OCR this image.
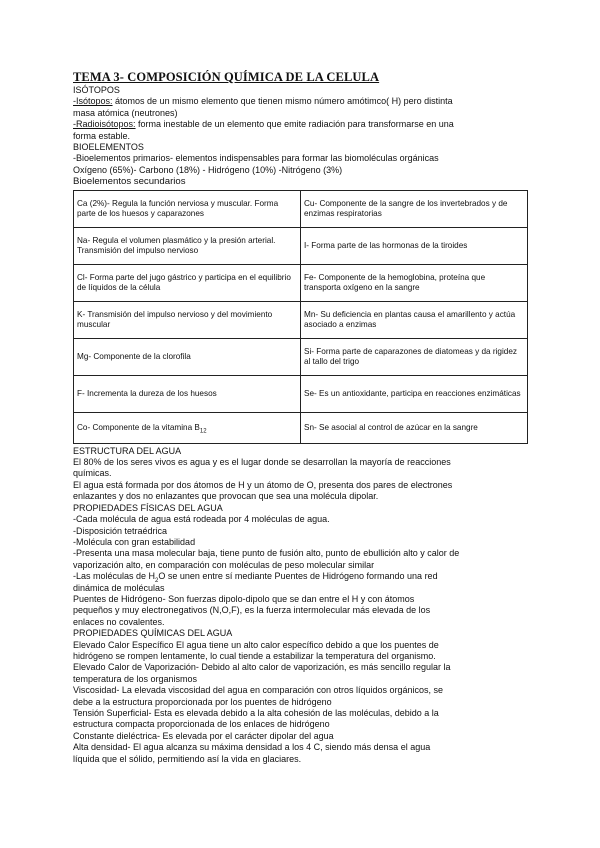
TEMA 3- COMPOSICIÓN QUÍMICA DE LA CELULA

ISÓTOPOS

-Isótopos: átomos de un mismo elemento que tienen mismo número amótimco( H) pero distinta

masa atómica (neutrones)

-Radioisótopos: forma inestable de un elemento que emite radiación para transformarse en una

forma estable.

BIOELEMENTOS

-Bioelementos primarios- elementos indispensables para formar las biomoléculas orgánicas

Oxígeno (65%)- Carbono (18%) - Hidrógeno (10%) -Nitrógeno (3%)

Bioelementos secundarios

Ca (2%)- Regula la función nerviosa y muscular. Forma parte de los huesos y caparazones	Cu- Componente de la sangre de los invertebrados y de enzimas respiratorias
Na- Regula el volumen plasmático y la presión arterial. Transmisión del impulso nervioso	I- Forma parte de las hormonas de la tiroides
Cl- Forma parte del jugo gástrico y participa en el equilibrio de líquidos de la célula	Fe- Componente de la hemoglobina, proteína que transporta oxígeno en la sangre
K- Transmisión del impulso nervioso y del movimiento muscular	Mn- Su deficiencia en plantas causa el amarillento y actúa asociado a enzimas
Mg- Componente de la clorofila	Si- Forma parte de caparazones de diatomeas y da rigidez al tallo del trigo
F- Incrementa la dureza de los huesos	Se- Es un antioxidante, participa en reacciones enzimáticas
Co- Componente de la vitamina $B_{12}$	Sn- Se asocial al control de azúcar en la sangre

ESTRUCTURA DEL AGUA

El 80% de los seres vivos es agua y es el lugar donde se desarrollan la mayoría de reacciones

químicas.

El agua está formada por dos átomos de H y un átomo de O, presenta dos pares de electrones

enlazantes y dos no enlazantes que provocan que sea una molécula dipolar.

PROPIEDADES FÍSICAS DEL AGUA

-Cada molécula de agua está rodeada por 4 moléculas de agua.

-Disposición tetraédrica

-Molécula con gran estabilidad

-Presenta una masa molecular baja, tiene punto de fusión alto, punto de ebullición alto y calor de

vaporización alto, en comparación con moléculas de peso molecular similar

-Las moléculas de $H_2O$ se unen entre sí mediante Puentes de Hidrógeno formando una red

dinámica de moléculas

Puentes de Hidrógeno- Son fuerzas dipolo-dipolo que se dan entre el H y con átomos

pequeños y muy electronegativos (N,O,F), es la fuerza intermolecular más elevada de los

enlaces no covalentes.

PROPIEDADES QUÍMICAS DEL AGUA

Elevado Calor Específico El agua tiene un alto calor específico debido a que los puentes de

hidrógeno se rompen lentamente, lo cual tiende a estabilizar la temperatura del organismo.

Elevado Calor de Vaporización- Debido al alto calor de vaporización, es más sencillo regular la

temperatura de los organismos

Viscosidad- La elevada viscosidad del agua en comparación con otros líquidos orgánicos, se

debe a la estructura proporcionada por los puentes de hidrógeno

Tensión Superficial- Esta es elevada debido a la alta cohesión de las moléculas, debido a la

estructura compacta proporcionada de los enlaces de hidrógeno

Constante dieléctrica- Es elevada por el carácter dipolar del agua

Alta densidad- El agua alcanza su máxima densidad a los 4 C, siendo más densa el agua

líquida que el sólido, permitiendo así la vida en glaciares.
